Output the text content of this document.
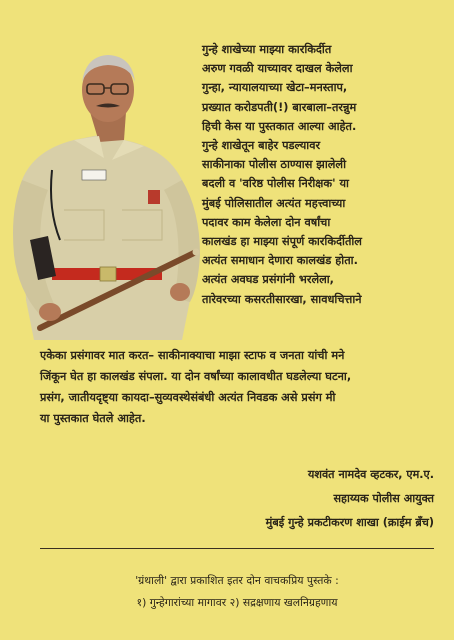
गुन्हे शाखेच्या माझ्या कारकिर्दीत
अरुण गवळी याच्यावर दाखल केलेला
गुन्हा, न्यायालयाच्या खेटा–मनस्ताप,
प्रख्यात करोडपती(!) बारबाला–तरन्नुम
हिची केस या पुस्तकात आल्या आहेत.
गुन्हे शाखेतून बाहेर पडल्यावर
साकीनाका पोलीस ठाण्यास झालेली
बदली व 'वरिष्ठ पोलीस निरीक्षक' या
मुंबई पोलिसातील अत्यंत महत्त्वाच्या
पदावर काम केलेला दोन वर्षांचा
कालखंड हा माझ्या संपूर्ण कारकिर्दीतील
अत्यंत समाधान देणारा कालखंड होता.
अत्यंत अवघड प्रसंगांनी भरलेला,
तारेवरच्या कसरतीसारखा, सावधचित्ताने

एकेका प्रसंगावर मात करत– साकीनाक्याचा माझा स्टाफ व जनता यांची मने
जिंकून घेत हा कालखंड संपला. या दोन वर्षांच्या कालावधीत घडलेल्या घटना,
प्रसंग, जातीयदृष्ट्या कायदा–सुव्यवस्थेसंबंधी अत्यंत निवडक असे प्रसंग मी
या पुस्तकात घेतले आहेत.

यशवंत नामदेव व्हटकर, एम.ए.
सहाय्यक पोलीस आयुक्त
मुंबई गुन्हे प्रकटीकरण शाखा (क्राईम ब्रँच)
'ग्रंथाली' द्वारा प्रकाशित इतर दोन वाचकप्रिय पुस्तके :
१) गुन्हेगारांच्या मागावर २) सद्रक्षणाय खलनिग्रहणाय
